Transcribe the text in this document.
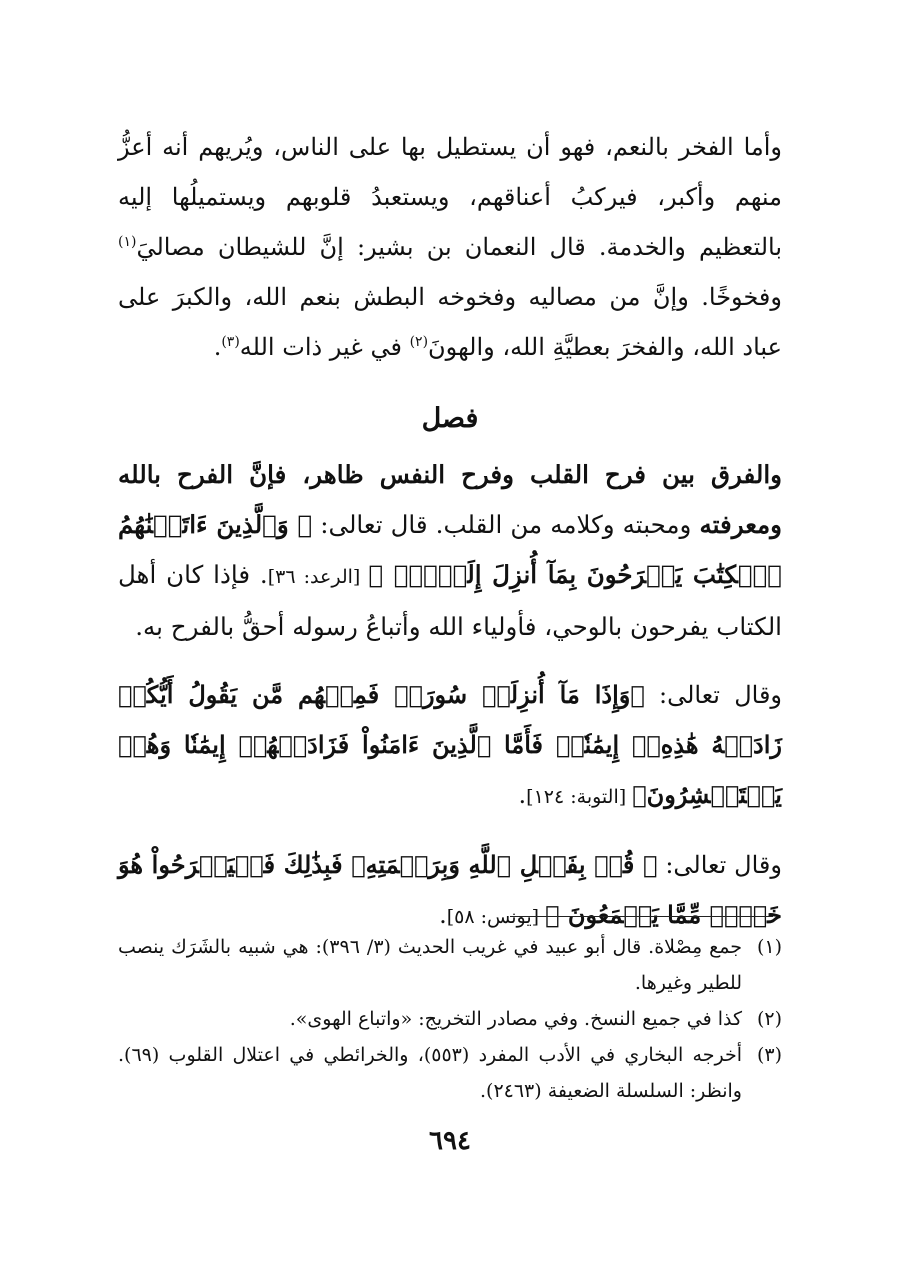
وأما الفخر بالنعم، فهو أن يستطيل بها على الناس، ويُريهم أنه أعزُّ منهم وأكبر، فيركبُ أعناقهم، ويستعبدُ قلوبهم ويستميلُها إليه بالتعظيم والخدمة. قال النعمان بن بشير: إنَّ للشيطان مصاليَ$^{(١)}$ وفخوخًا. وإنَّ من مصاليه وفخوخه البطش بنعم الله، والكبرَ على عباد الله، والفخرَ بعطيَّةِ الله، والهونَ$^{(٢)}$ في غير ذات الله$^{(٣)}$.

فصل

والفرق بين فرح القلب وفرح النفس ظاهر، فإنَّ الفرح بالله ومعرفته ومحبته وكلامه من القلب. قال تعالى: ﴿ وَٱلَّذِينَ ءَاتَيۡنَٰهُمُ ٱلۡكِتَٰبَ يَفۡرَحُونَ بِمَآ أُنزِلَ إِلَيۡكَۖ ﴾ [الرعد: ٣٦]. فإذا كان أهل الكتاب يفرحون بالوحي، فأولياء الله وأتباعُ رسوله أحقُّ بالفرح به.

وقال تعالى: ﴿وَإِذَا مَآ أُنزِلَتۡ سُورَةٞ فَمِنۡهُم مَّن يَقُولُ أَيُّكُمۡ زَادَتۡهُ هَٰذِهِۦٓ إِيمَٰنٗاۚ فَأَمَّا ٱلَّذِينَ ءَامَنُواْ فَزَادَتۡهُمۡ إِيمَٰنٗا وَهُمۡ يَسۡتَبۡشِرُونَ﴾ [التوبة: ١٢٤].

وقال تعالى: ﴿ قُلۡ بِفَضۡلِ ٱللَّهِ وَبِرَحۡمَتِهِۦ فَبِذَٰلِكَ فَلۡيَفۡرَحُواْ هُوَ خَيۡرٞ مِّمَّا يَجۡمَعُونَ ﴾ [يونس: ٥٨].

(١)
جمع مِصْلاة. قال أبو عبيد في غريب الحديث (٣/ ٣٩٦): هي شبيه بالشَرَك ينصب للطير وغيرها.
(٢)
كذا في جميع النسخ. وفي مصادر التخريج: «واتباع الهوى».
(٣)
أخرجه البخاري في الأدب المفرد (٥٥٣)، والخرائطي في اعتلال القلوب (٦٩). وانظر: السلسلة الضعيفة (٢٤٦٣).
٦٩٤
